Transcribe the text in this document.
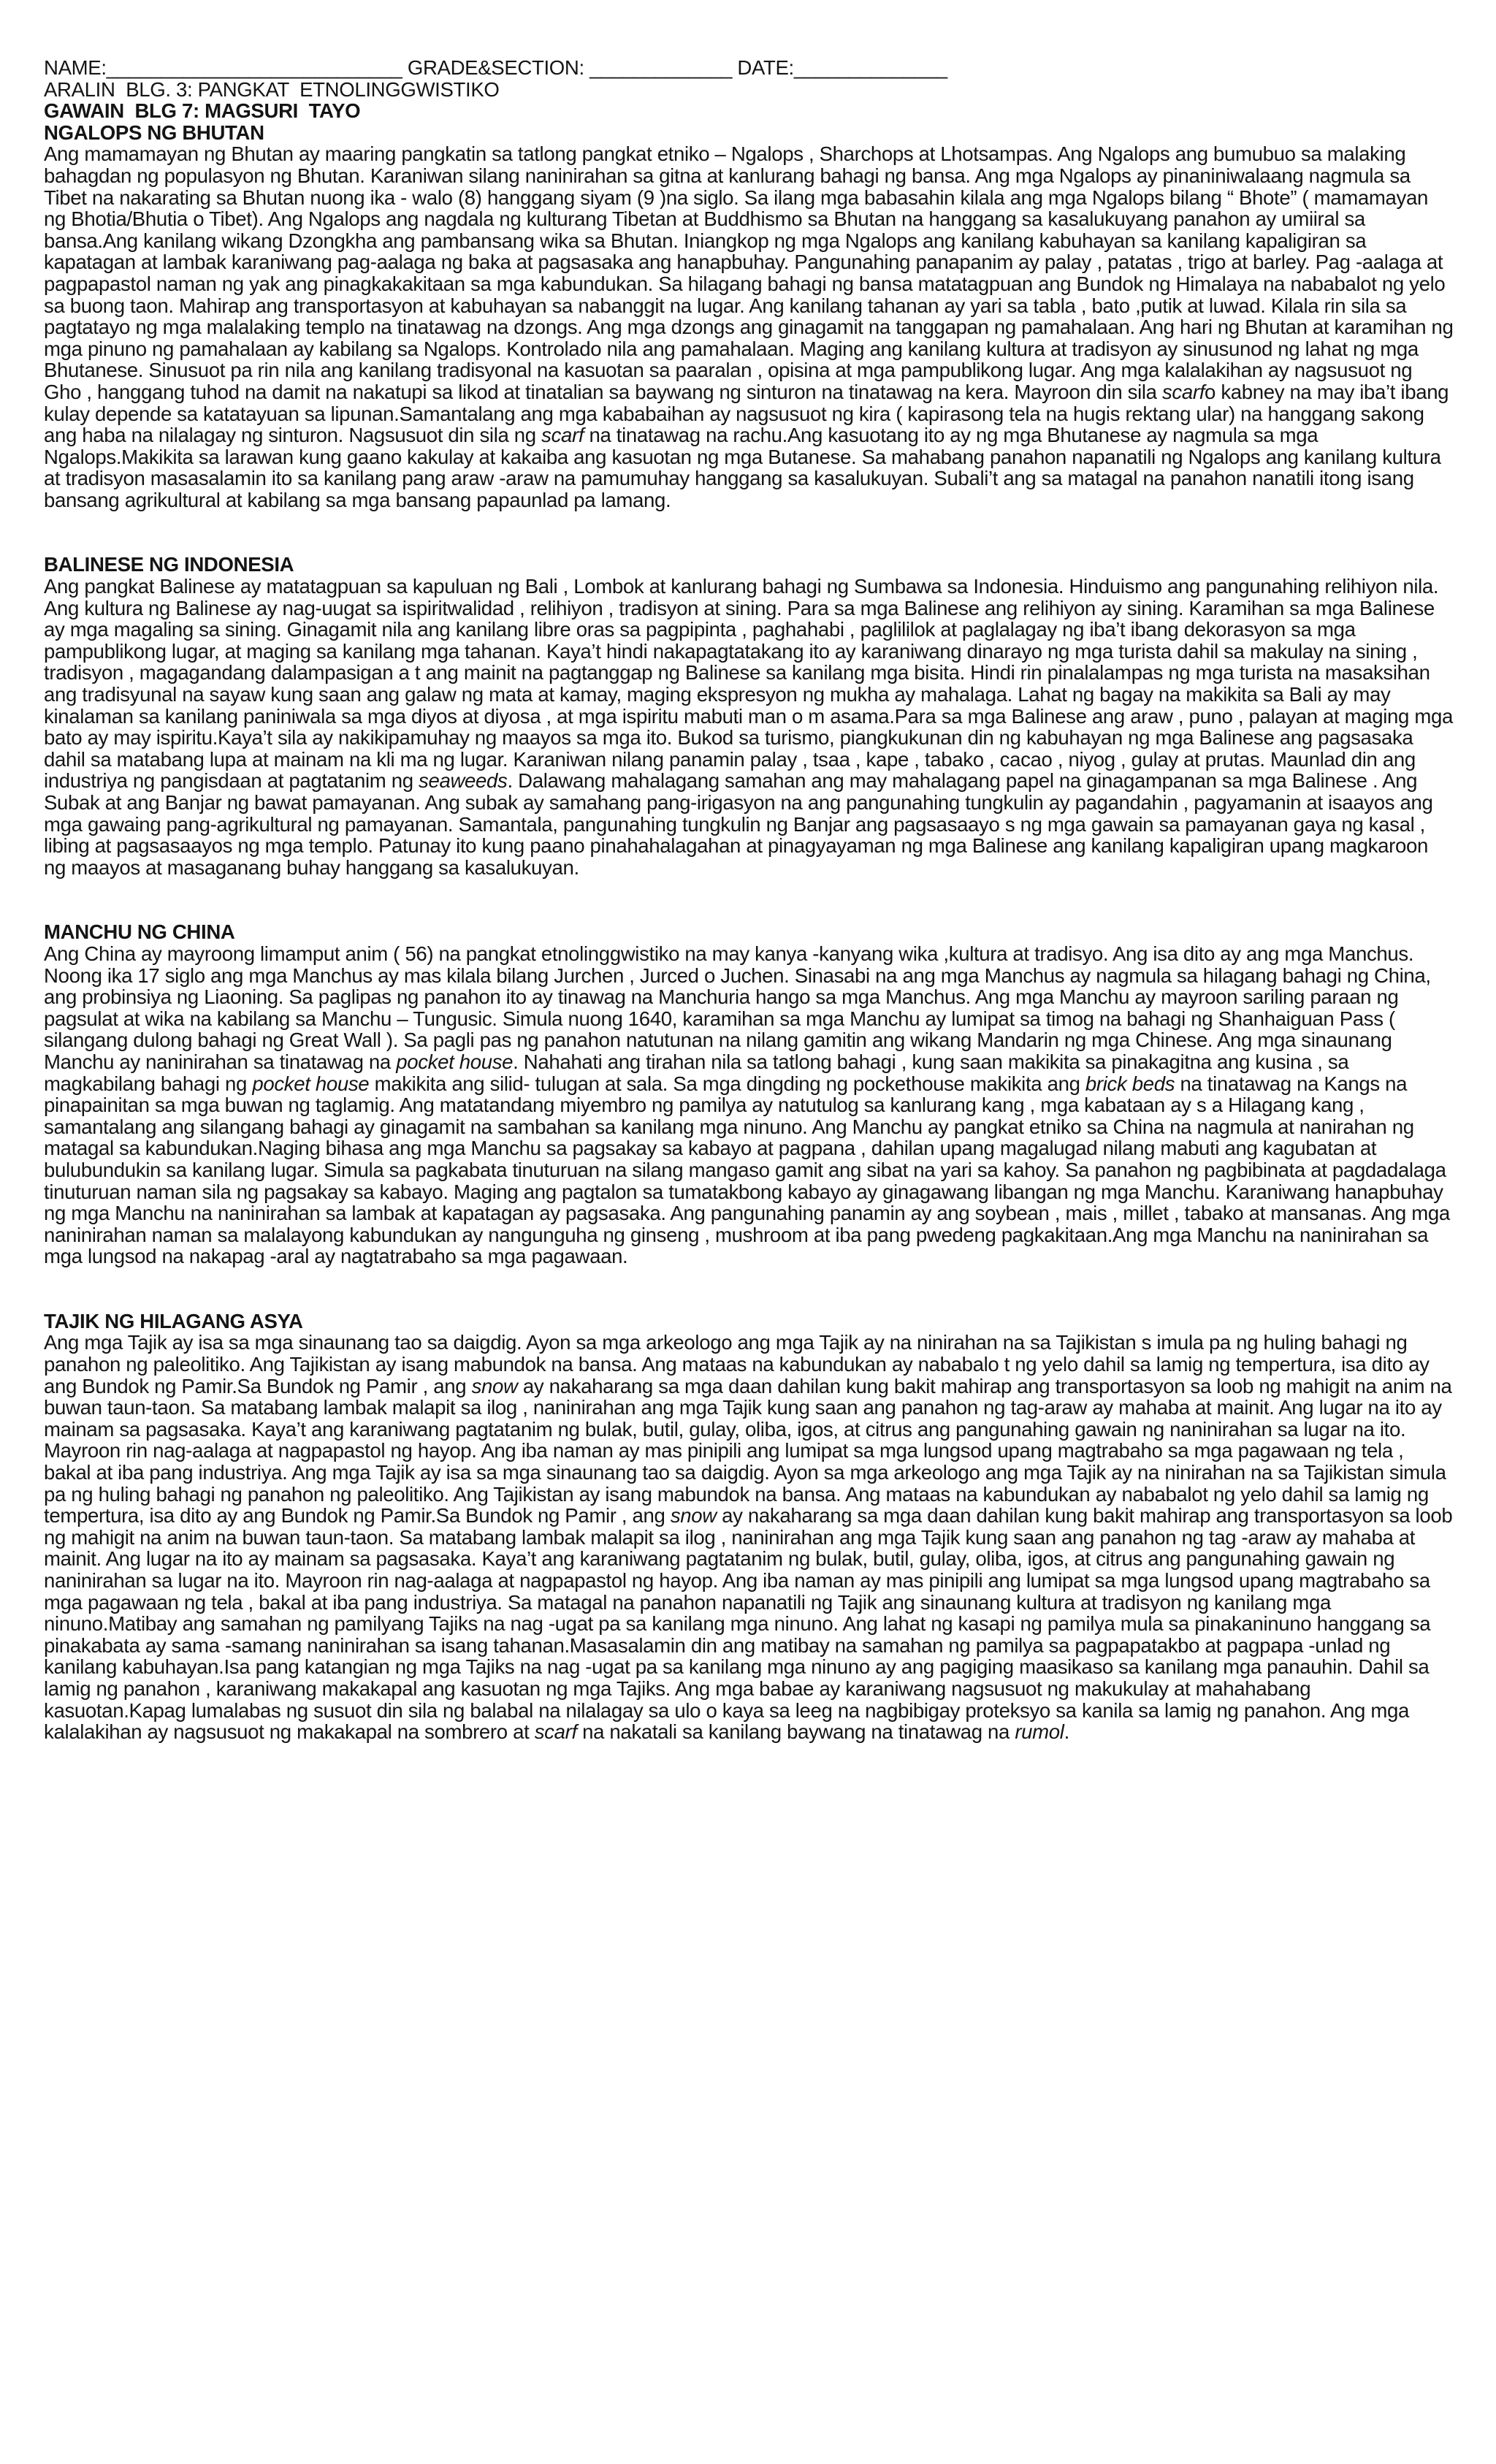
NAME:___________________________ GRADE&SECTION: _____________ DATE:______________
ARALIN  BLG. 3: PANGKAT  ETNOLINGGWISTIKO
GAWAIN  BLG 7: MAGSURI  TAYO
NGALOPS NG BHUTAN

Ang mamamayan ng Bhutan ay maaring pangkatin sa tatlong pangkat etniko – Ngalops , Sharchops at Lhotsampas. Ang Ngalops ang bumubuo sa malaking bahagdan ng populasyon ng Bhutan. Karaniwan silang naninirahan sa gitna at kanlurang bahagi ng bansa. Ang mga Ngalops ay pinaniniwalaang nagmula sa Tibet na nakarating sa Bhutan nuong ika - walo (8) hanggang siyam (9 )na siglo. Sa ilang mga babasahin kilala ang mga Ngalops bilang “ Bhote” ( mamamayan ng Bhotia/Bhutia o Tibet). Ang Ngalops ang nagdala ng kulturang Tibetan at Buddhismo sa Bhutan na hanggang sa kasalukuyang panahon ay umiiral sa bansa.Ang kanilang wikang Dzongkha ang pambansang wika sa Bhutan. Iniangkop ng mga Ngalops ang kanilang kabuhayan sa kanilang kapaligiran sa kapatagan at lambak karaniwang pag-aalaga ng baka at pagsasaka ang hanapbuhay. Pangunahing panapanim ay palay , patatas , trigo at barley. Pag -aalaga at pagpapastol naman ng yak ang pinagkakakitaan sa mga kabundukan. Sa hilagang bahagi ng bansa matatagpuan ang Bundok ng Himalaya na nababalot ng yelo sa buong taon. Mahirap ang transportasyon at kabuhayan sa nabanggit na lugar. Ang kanilang tahanan ay yari sa tabla , bato ,putik at luwad. Kilala rin sila sa pagtatayo ng mga malalaking templo na tinatawag na dzongs. Ang mga dzongs ang ginagamit na tanggapan ng pamahalaan. Ang hari ng Bhutan at karamihan ng mga pinuno ng pamahalaan ay kabilang sa Ngalops. Kontrolado nila ang pamahalaan. Maging ang kanilang kultura at tradisyon ay sinusunod ng lahat ng mga Bhutanese. Sinusuot pa rin nila ang kanilang tradisyonal na kasuotan sa paaralan , opisina at mga pampublikong lugar. Ang mga kalalakihan ay nagsusuot ng Gho , hanggang tuhod na damit na nakatupi sa likod at tinatalian sa baywang ng sinturon na tinatawag na kera. Mayroon din sila scarfo kabney na may iba’t ibang kulay depende sa katatayuan sa lipunan.Samantalang ang mga kababaihan ay nagsusuot ng kira ( kapirasong tela na hugis rektang ular) na hanggang sakong ang haba na nilalagay ng sinturon. Nagsusuot din sila ng scarf na tinatawag na rachu.Ang kasuotang ito ay ng mga Bhutanese ay nagmula sa mga Ngalops.Makikita sa larawan kung gaano kakulay at kakaiba ang kasuotan ng mga Butanese. Sa mahabang panahon napanatili ng Ngalops ang kanilang kultura at tradisyon masasalamin ito sa kanilang pang araw -araw na pamumuhay hanggang sa kasalukuyan. Subali’t ang sa matagal na panahon nanatili itong isang bansang agrikultural at kabilang sa mga bansang papaunlad pa lamang.

BALINESE NG INDONESIA

Ang pangkat Balinese ay matatagpuan sa kapuluan ng Bali , Lombok at kanlurang bahagi ng Sumbawa sa Indonesia. Hinduismo ang pangunahing relihiyon nila. Ang kultura ng Balinese ay nag-uugat sa ispiritwalidad , relihiyon , tradisyon at sining. Para sa mga Balinese ang relihiyon ay sining. Karamihan sa mga Balinese ay mga magaling sa sining. Ginagamit nila ang kanilang libre oras sa pagpipinta , paghahabi , paglililok at paglalagay ng iba’t ibang dekorasyon sa mga pampublikong lugar, at maging sa kanilang mga tahanan. Kaya’t hindi nakapagtatakang ito ay karaniwang dinarayo ng mga turista dahil sa makulay na sining , tradisyon , magagandang dalampasigan a t ang mainit na pagtanggap ng Balinese sa kanilang mga bisita. Hindi rin pinalalampas ng mga turista na masaksihan ang tradisyunal na sayaw kung saan ang galaw ng mata at kamay, maging ekspresyon ng mukha ay mahalaga. Lahat ng bagay na makikita sa Bali ay may kinalaman sa kanilang paniniwala sa mga diyos at diyosa , at mga ispiritu mabuti man o m asama.Para sa mga Balinese ang araw , puno , palayan at maging mga bato ay may ispiritu.Kaya’t sila ay nakikipamuhay ng maayos sa mga ito. Bukod sa turismo, piangkukunan din ng kabuhayan ng mga Balinese ang pagsasaka dahil sa matabang lupa at mainam na kli ma ng lugar. Karaniwan nilang panamin palay , tsaa , kape , tabako , cacao , niyog , gulay at prutas. Maunlad din ang industriya ng pangisdaan at pagtatanim ng seaweeds. Dalawang mahalagang samahan ang may mahalagang papel na ginagampanan sa mga Balinese . Ang Subak at ang Banjar ng bawat pamayanan. Ang subak ay samahang pang-irigasyon na ang pangunahing tungkulin ay pagandahin , pagyamanin at isaayos ang mga gawaing pang-agrikultural ng pamayanan. Samantala, pangunahing tungkulin ng Banjar ang pagsasaayo s ng mga gawain sa pamayanan gaya ng kasal , libing at pagsasaayos ng mga templo. Patunay ito kung paano pinahahalagahan at pinagyayaman ng mga Balinese ang kanilang kapaligiran upang magkaroon ng maayos at masaganang buhay hanggang sa kasalukuyan.

MANCHU NG CHINA

Ang China ay mayroong limamput anim ( 56) na pangkat etnolinggwistiko na may kanya -kanyang wika ,kultura at tradisyo. Ang isa dito ay ang mga Manchus. Noong ika 17 siglo ang mga Manchus ay mas kilala bilang Jurchen , Jurced o Juchen. Sinasabi na ang mga Manchus ay nagmula sa hilagang bahagi ng China, ang probinsiya ng Liaoning. Sa paglipas ng panahon ito ay tinawag na Manchuria hango sa mga Manchus. Ang mga Manchu ay mayroon sariling paraan ng pagsulat at wika na kabilang sa Manchu – Tungusic. Simula nuong 1640, karamihan sa mga Manchu ay lumipat sa timog na bahagi ng Shanhaiguan Pass ( silangang dulong bahagi ng Great Wall ). Sa pagli pas ng panahon natutunan na nilang gamitin ang wikang Mandarin ng mga Chinese. Ang mga sinaunang Manchu ay naninirahan sa tinatawag na pocket house. Nahahati ang tirahan nila sa tatlong bahagi , kung saan makikita sa pinakagitna ang kusina , sa magkabilang bahagi ng pocket house makikita ang silid- tulugan at sala. Sa mga dingding ng pockethouse makikita ang brick beds na tinatawag na Kangs na pinapainitan sa mga buwan ng taglamig. Ang matatandang miyembro ng pamilya ay natutulog sa kanlurang kang , mga kabataan ay s a Hilagang kang , samantalang ang silangang bahagi ay ginagamit na sambahan sa kanilang mga ninuno. Ang Manchu ay pangkat etniko sa China na nagmula at nanirahan ng matagal sa kabundukan.Naging bihasa ang mga Manchu sa pagsakay sa kabayo at pagpana , dahilan upang magalugad nilang mabuti ang kagubatan at bulubundukin sa kanilang lugar. Simula sa pagkabata tinuturuan na silang mangaso gamit ang sibat na yari sa kahoy. Sa panahon ng pagbibinata at pagdadalaga tinuturuan naman sila ng pagsakay sa kabayo. Maging ang pagtalon sa tumatakbong kabayo ay ginagawang libangan ng mga Manchu. Karaniwang hanapbuhay ng mga Manchu na naninirahan sa lambak at kapatagan ay pagsasaka. Ang pangunahing panamin ay ang soybean , mais , millet , tabako at mansanas. Ang mga naninirahan naman sa malalayong kabundukan ay nangunguha ng ginseng , mushroom at iba pang pwedeng pagkakitaan.Ang mga Manchu na naninirahan sa mga lungsod na nakapag -aral ay nagtatrabaho sa mga pagawaan.

TAJIK NG HILAGANG ASYA

Ang mga Tajik ay isa sa mga sinaunang tao sa daigdig. Ayon sa mga arkeologo ang mga Tajik ay na ninirahan na sa Tajikistan s imula pa ng huling bahagi ng panahon ng paleolitiko. Ang Tajikistan ay isang mabundok na bansa. Ang mataas na kabundukan ay nababalo t ng yelo dahil sa lamig ng tempertura, isa dito ay ang Bundok ng Pamir.Sa Bundok ng Pamir , ang snow ay nakaharang sa mga daan dahilan kung bakit mahirap ang transportasyon sa loob ng mahigit na anim na buwan taun-taon. Sa matabang lambak malapit sa ilog , naninirahan ang mga Tajik kung saan ang panahon ng tag-araw ay mahaba at mainit. Ang lugar na ito ay mainam sa pagsasaka. Kaya’t ang karaniwang pagtatanim ng bulak, butil, gulay, oliba, igos, at citrus ang pangunahing gawain ng naninirahan sa lugar na ito. Mayroon rin nag-aalaga at nagpapastol ng hayop. Ang iba naman ay mas pinipili ang lumipat sa mga lungsod upang magtrabaho sa mga pagawaan ng tela , bakal at iba pang industriya. Ang mga Tajik ay isa sa mga sinaunang tao sa daigdig. Ayon sa mga arkeologo ang mga Tajik ay na ninirahan na sa Tajikistan simula pa ng huling bahagi ng panahon ng paleolitiko. Ang Tajikistan ay isang mabundok na bansa. Ang mataas na kabundukan ay nababalot ng yelo dahil sa lamig ng tempertura, isa dito ay ang Bundok ng Pamir.Sa Bundok ng Pamir , ang snow ay nakaharang sa mga daan dahilan kung bakit mahirap ang transportasyon sa loob ng mahigit na anim na buwan taun-taon. Sa matabang lambak malapit sa ilog , naninirahan ang mga Tajik kung saan ang panahon ng tag -araw ay mahaba at mainit. Ang lugar na ito ay mainam sa pagsasaka. Kaya’t ang karaniwang pagtatanim ng bulak, butil, gulay, oliba, igos, at citrus ang pangunahing gawain ng naninirahan sa lugar na ito. Mayroon rin nag-aalaga at nagpapastol ng hayop. Ang iba naman ay mas pinipili ang lumipat sa mga lungsod upang magtrabaho sa mga pagawaan ng tela , bakal at iba pang industriya. Sa matagal na panahon napanatili ng Tajik ang sinaunang kultura at tradisyon ng kanilang mga ninuno.Matibay ang samahan ng pamilyang Tajiks na nag -ugat pa sa kanilang mga ninuno. Ang lahat ng kasapi ng pamilya mula sa pinakaninuno hanggang sa pinakabata ay sama -samang naninirahan sa isang tahanan.Masasalamin din ang matibay na samahan ng pamilya sa pagpapatakbo at pagpapa -unlad ng kanilang kabuhayan.Isa pang katangian ng mga Tajiks na nag -ugat pa sa kanilang mga ninuno ay ang pagiging maasikaso sa kanilang mga panauhin. Dahil sa lamig ng panahon , karaniwang makakapal ang kasuotan ng mga Tajiks. Ang mga babae ay karaniwang nagsusuot ng makukulay at mahahabang kasuotan.Kapag lumalabas ng susuot din sila ng balabal na nilalagay sa ulo o kaya sa leeg na nagbibigay proteksyo sa kanila sa lamig ng panahon. Ang mga kalalakihan ay nagsusuot ng makakapal na sombrero at scarf na nakatali sa kanilang baywang na tinatawag na rumol.
